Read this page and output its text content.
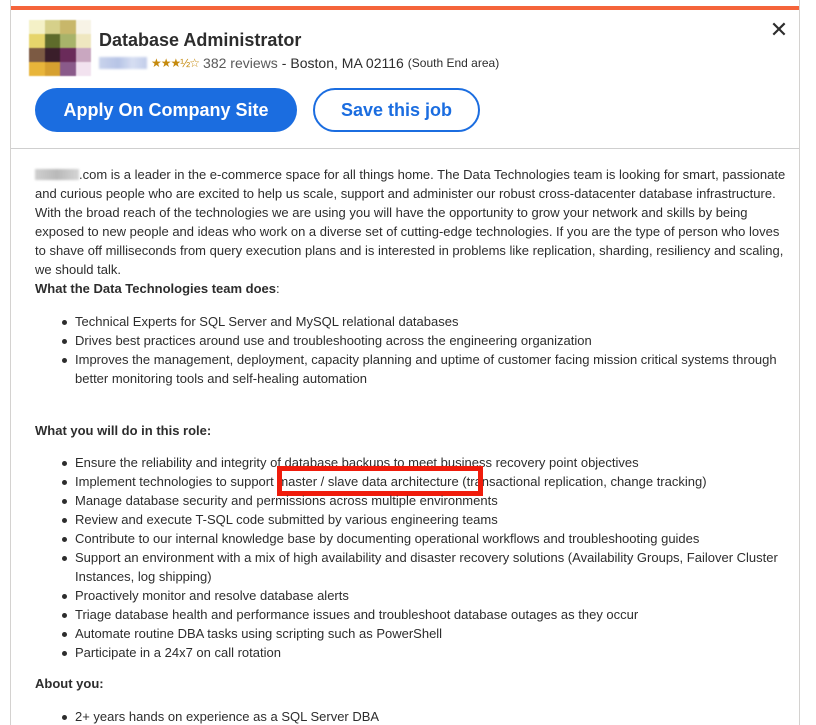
Database Administrator
★★★½☆ 382 reviews - Boston, MA 02116 (South End area)
✕
Apply On Company Site	Save this job

.com is a leader in the e-commerce space for all things home. The Data Technologies team is looking for smart, passionate and curious people who are excited to help us scale, support and administer our robust cross-datacenter database infrastructure. With the broad reach of the technologies we are using you will have the opportunity to grow your network and skills by being exposed to new people and ideas who work on a diverse set of cutting-edge technologies. If you are the type of person who loves to shave off milliseconds from query execution plans and is interested in problems like replication, sharding, resiliency and scaling, we should talk.

What the Data Technologies team does:

Technical Experts for SQL Server and MySQL relational databases
Drives best practices around use and troubleshooting across the engineering organization
Improves the management, deployment, capacity planning and uptime of customer facing mission critical systems through better monitoring tools and self-healing automation

What you will do in this role:

Ensure the reliability and integrity of database backups to meet business recovery point objectives
Implement technologies to support master / slave data architecture (transactional replication, change tracking)
Manage database security and permissions across multiple environments
Review and execute T-SQL code submitted by various engineering teams
Contribute to our internal knowledge base by documenting operational workflows and troubleshooting guides
Support an environment with a mix of high availability and disaster recovery solutions (Availability Groups, Failover Cluster Instances, log shipping)
Proactively monitor and resolve database alerts
Triage database health and performance issues and troubleshoot database outages as they occur
Automate routine DBA tasks using scripting such as PowerShell
Participate in a 24x7 on call rotation

About you:

2+ years hands on experience as a SQL Server DBA
